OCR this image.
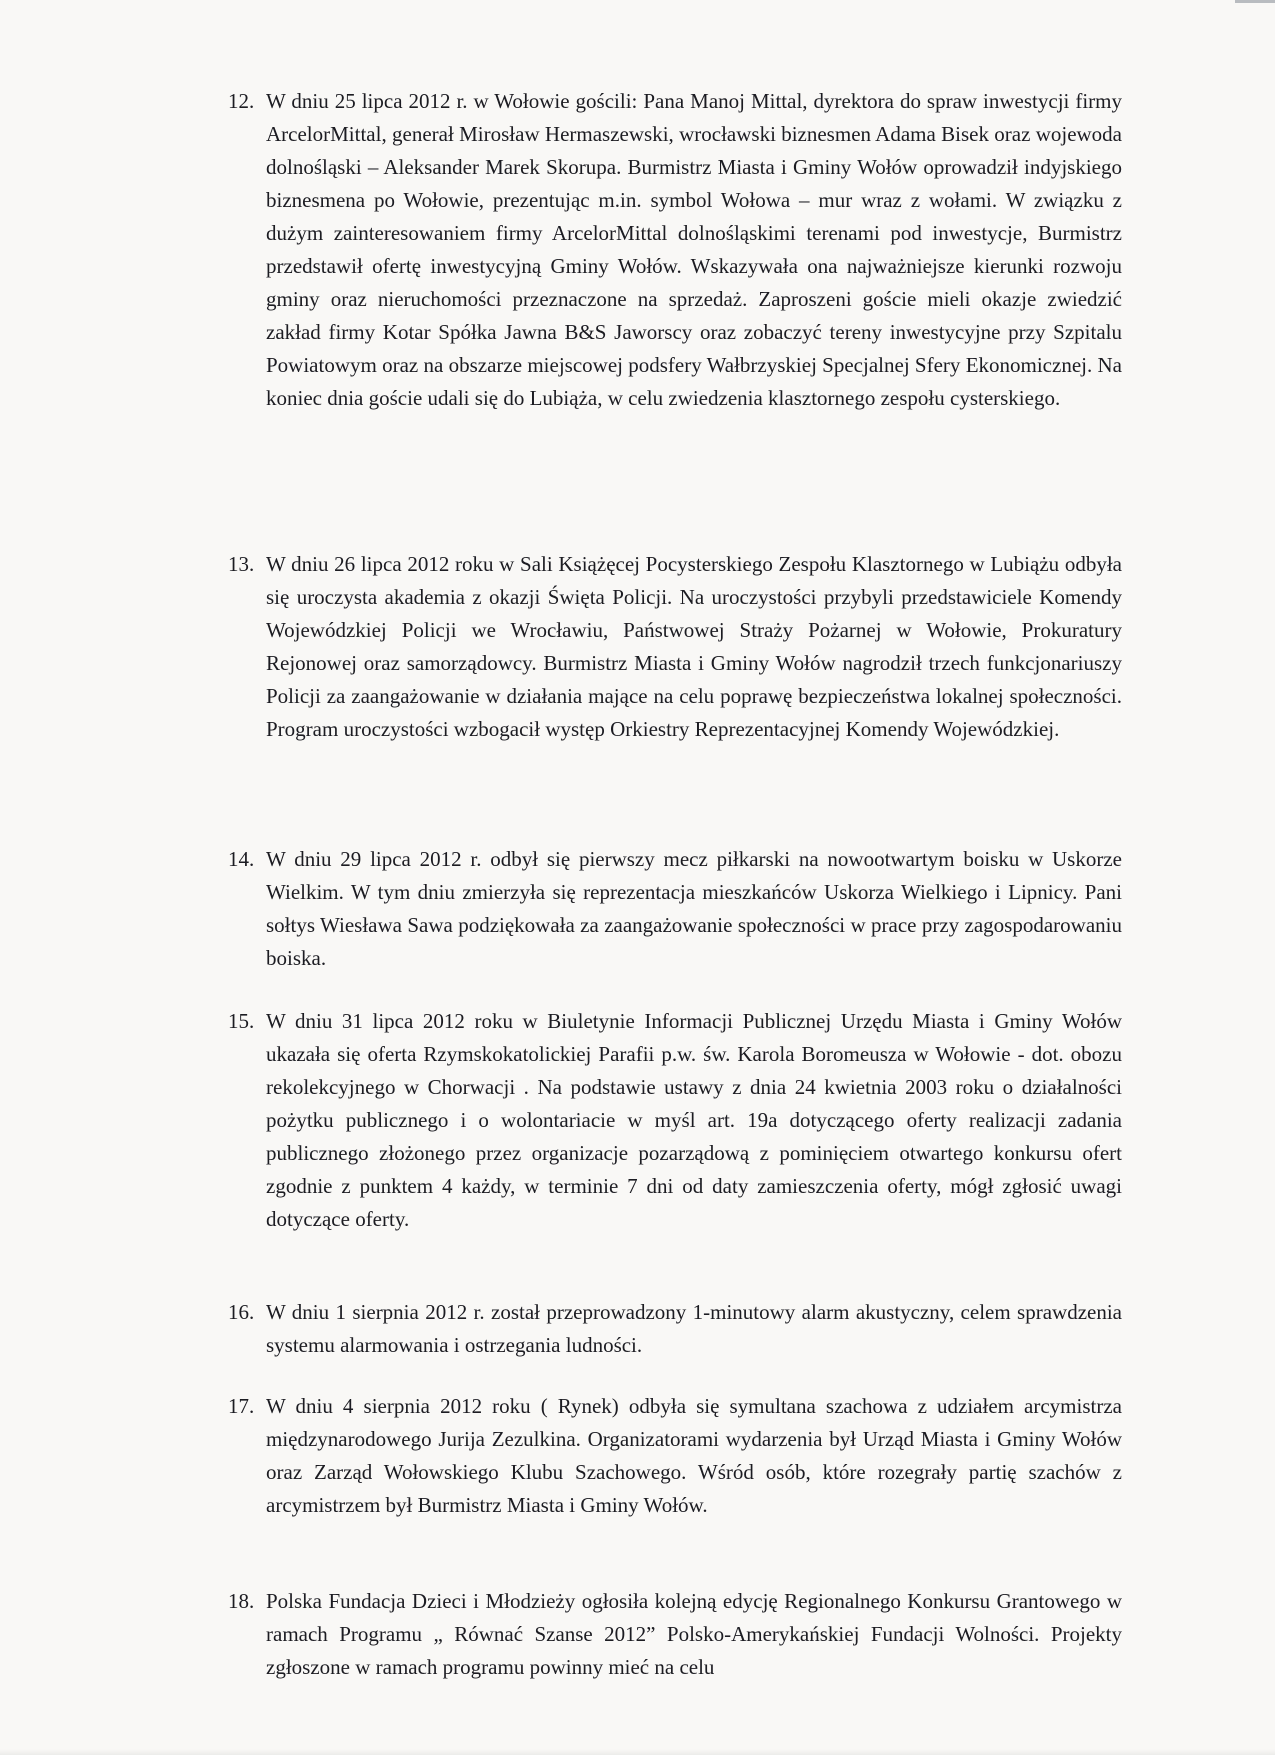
12. W dniu 25 lipca 2012 r. w Wołowie gościli: Pana Manoj Mittal, dyrektora do spraw inwestycji firmy ArcelorMittal, generał Mirosław Hermaszewski, wrocławski biznesmen Adama Bisek oraz wojewoda dolnośląski – Aleksander Marek Skorupa. Burmistrz Miasta i Gminy Wołów oprowadził indyjskiego biznesmena po Wołowie, prezentując m.in. symbol Wołowa – mur wraz z wołami. W związku z dużym zainteresowaniem firmy ArcelorMittal dolnośląskimi terenami pod inwestycje, Burmistrz przedstawił ofertę inwestycyjną Gminy Wołów. Wskazywała ona najważniejsze kierunki rozwoju gminy oraz nieruchomości przeznaczone na sprzedaż. Zaproszeni goście mieli okazje zwiedzić zakład firmy Kotar Spółka Jawna B&S Jaworscy oraz zobaczyć tereny inwestycyjne przy Szpitalu Powiatowym oraz na obszarze miejscowej podsfery Wałbrzyskiej Specjalnej Sfery Ekonomicznej. Na koniec dnia goście udali się do Lubiąża, w celu zwiedzenia klasztornego zespołu cysterskiego.
13. W dniu 26 lipca 2012 roku w Sali Książęcej Pocysterskiego Zespołu Klasztornego w Lubiążu odbyła się uroczysta akademia z okazji Święta Policji. Na uroczystości przybyli przedstawiciele Komendy Wojewódzkiej Policji we Wrocławiu, Państwowej Straży Pożarnej w Wołowie, Prokuratury Rejonowej oraz samorządowcy. Burmistrz Miasta i Gminy Wołów nagrodził trzech funkcjonariuszy Policji za zaangażowanie w działania mające na celu poprawę bezpieczeństwa lokalnej społeczności. Program uroczystości wzbogacił występ Orkiestry Reprezentacyjnej Komendy Wojewódzkiej.
14. W dniu 29 lipca 2012 r. odbył się pierwszy mecz piłkarski na nowootwartym boisku w Uskorze Wielkim. W tym dniu zmierzyła się reprezentacja mieszkańców Uskorza Wielkiego i Lipnicy. Pani sołtys Wiesława Sawa podziękowała za zaangażowanie społeczności w prace przy zagospodarowaniu boiska.
15. W dniu 31 lipca 2012 roku w Biuletynie Informacji Publicznej Urzędu Miasta i Gminy Wołów ukazała się oferta Rzymskokatolickiej Parafii p.w. św. Karola Boromeusza w Wołowie - dot. obozu rekolekcyjnego w Chorwacji . Na podstawie ustawy z dnia 24 kwietnia 2003 roku o działalności pożytku publicznego i o wolontariacie w myśl art. 19a dotyczącego oferty realizacji zadania publicznego złożonego przez organizacje pozarządową z pominięciem otwartego konkursu ofert zgodnie z punktem 4 każdy, w terminie 7 dni od daty zamieszczenia oferty, mógł zgłosić uwagi dotyczące oferty.
16. W dniu 1 sierpnia 2012 r. został przeprowadzony 1-minutowy alarm akustyczny, celem sprawdzenia systemu alarmowania i ostrzegania ludności.
17. W dniu 4 sierpnia 2012 roku ( Rynek) odbyła się symultana szachowa z udziałem arcymistrza międzynarodowego Jurija Zezulkina. Organizatorami wydarzenia był Urząd Miasta i Gminy Wołów oraz Zarząd Wołowskiego Klubu Szachowego. Wśród osób, które rozegrały partię szachów z arcymistrzem był Burmistrz Miasta i Gminy Wołów.
18. Polska Fundacja Dzieci i Młodzieży ogłosiła kolejną edycję Regionalnego Konkursu Grantowego w ramach Programu „ Równać Szanse 2012” Polsko-Amerykańskiej Fundacji Wolności. Projekty zgłoszone w ramach programu powinny mieć na celu
